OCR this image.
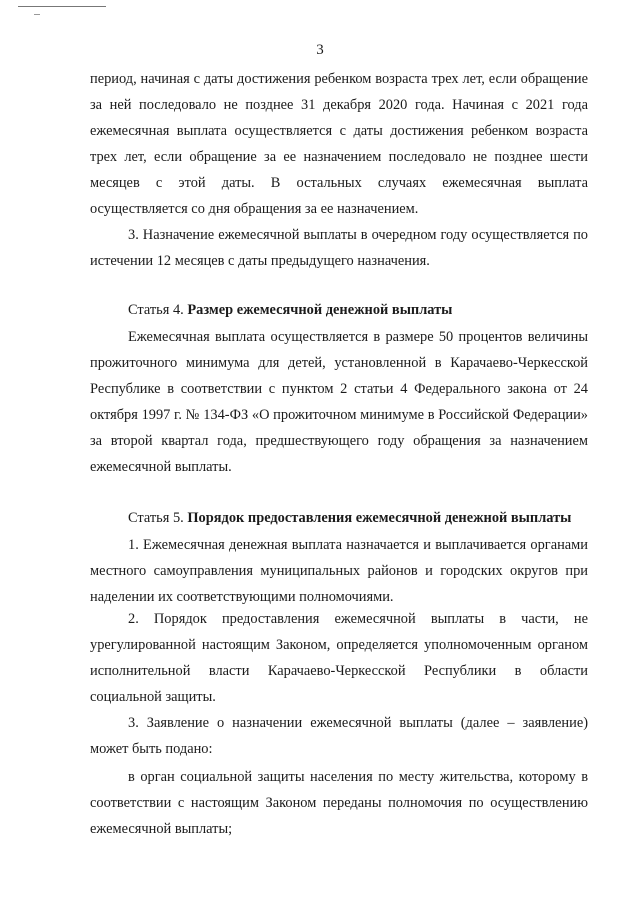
3

период, начиная с даты достижения ребенком возраста трех лет, если обращение за ней последовало не позднее 31 декабря 2020 года. Начиная с 2021 года ежемесячная выплата осуществляется с даты достижения ребенком возраста трех лет, если обращение за ее назначением последовало не позднее шести месяцев с этой даты. В остальных случаях ежемесячная выплата осуществляется со дня обращения за ее назначением.

3. Назначение ежемесячной выплаты в очередном году осуществляется по истечении 12 месяцев с даты предыдущего назначения.

Статья 4. Размер ежемесячной денежной выплаты

Ежемесячная выплата осуществляется в размере 50 процентов величины прожиточного минимума для детей, установленной в Карачаево-Черкесской Республике в соответствии с пунктом 2 статьи 4 Федерального закона от 24 октября 1997 г. № 134-ФЗ «О прожиточном минимуме в Российской Федерации» за второй квартал года, предшествующего году обращения за назначением ежемесячной выплаты.

Статья 5. Порядок предоставления ежемесячной денежной выплаты

1. Ежемесячная денежная выплата назначается и выплачивается органами местного самоуправления муниципальных районов и городских округов при наделении их соответствующими полномочиями.

2. Порядок предоставления ежемесячной выплаты в части, не урегулированной настоящим Законом, определяется уполномоченным органом исполнительной власти Карачаево-Черкесской Республики в области социальной защиты.

3. Заявление о назначении ежемесячной выплаты (далее – заявление) может быть подано:

в орган социальной защиты населения по месту жительства, которому в соответствии с настоящим Законом переданы полномочия по осуществлению ежемесячной выплаты;
